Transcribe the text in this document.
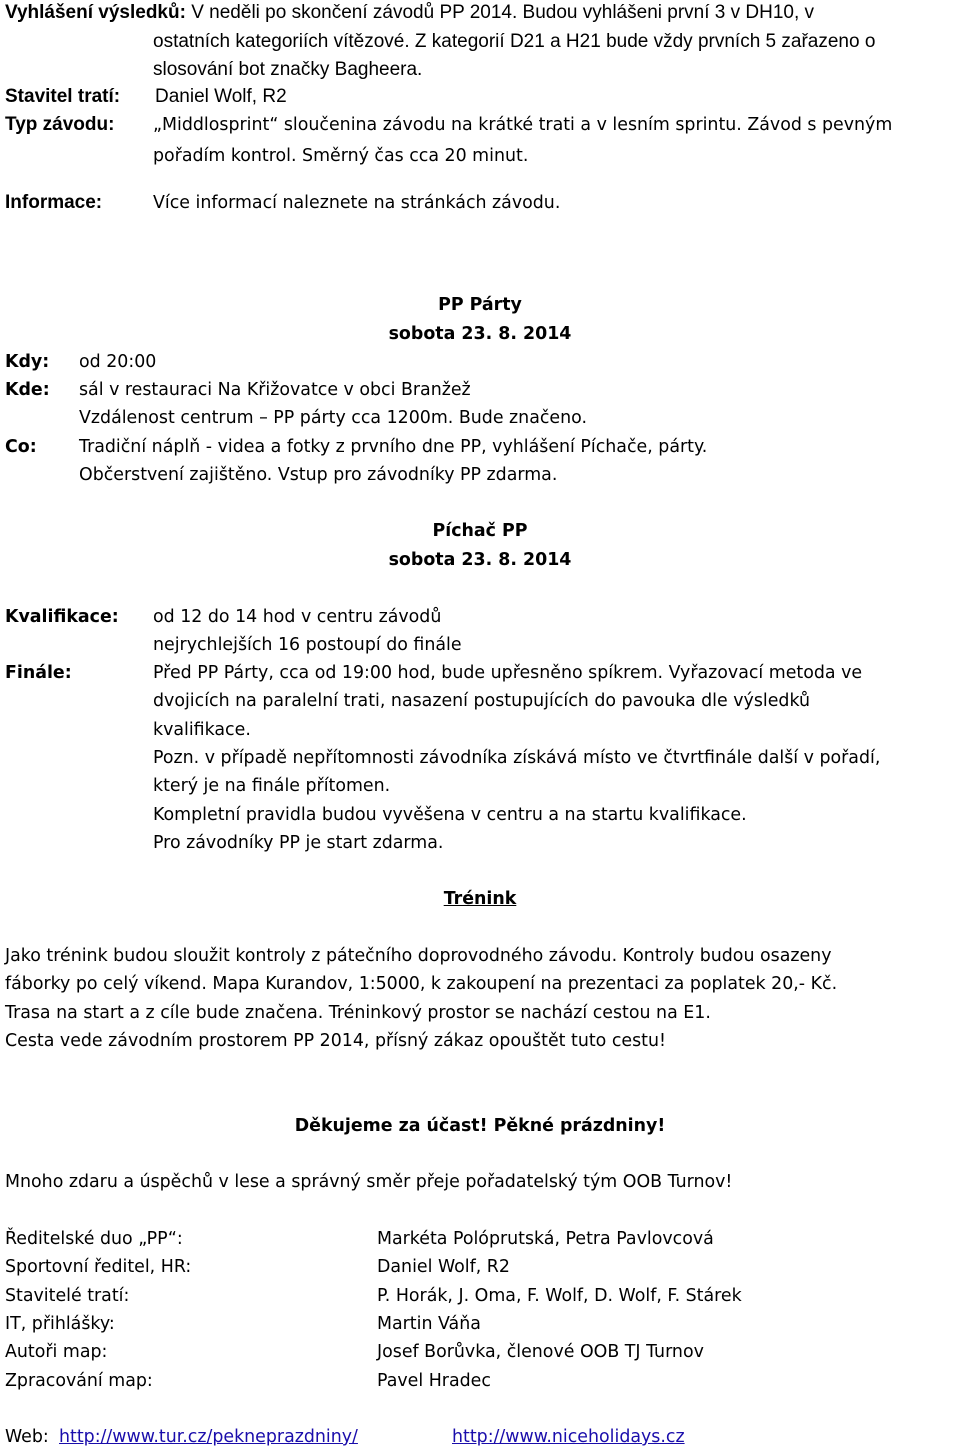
Vyhlášení výsledků: V neděli po skončení závodů PP 2014. Budou vyhlášeni první 3 v DH10, v
ostatních kategoriích vítězové. Z kategorií D21 a H21 bude vždy prvních 5 zařazeno o
slosování bot značky Bagheera.
Stavitel tratí: Daniel Wolf, R2
Typ závodu: „Middlosprint“ sloučenina závodu na krátké trati a v lesním sprintu. Závod s pevným
pořadím kontrol. Směrný čas cca 20 minut.
Informace:	Více informací naleznete na stránkách závodu.
PP Párty
sobota 23. 8. 2014
Kdy: od 20:00
Kde: sál v restauraci Na Křižovatce v obci Branžež
Vzdálenost centrum – PP párty cca 1200m. Bude značeno.
Co: Tradiční náplň - videa a fotky z prvního dne PP, vyhlášení Píchače, párty.
Občerstvení zajištěno. Vstup pro závodníky PP zdarma.
Píchač PP
sobota 23. 8. 2014
Kvalifikace: od 12 do 14 hod v centru závodů
nejrychlejších 16 postoupí do finále
Finále:	Před PP Párty, cca od 19:00 hod, bude upřesněno spíkrem. Vyřazovací metoda ve
dvojicích na paralelní trati, nasazení postupujících do pavouka dle výsledků
kvalifikace.
Pozn. v případě nepřítomnosti závodníka získává místo ve čtvrtfinále další v pořadí,
který je na finále přítomen.
Kompletní pravidla budou vyvěšena v centru a na startu kvalifikace.
Pro závodníky PP je start zdarma.
Trénink
Jako trénink budou sloužit kontroly z pátečního doprovodného závodu. Kontroly budou osazeny
fáborky po celý víkend. Mapa Kurandov, 1:5000, k zakoupení na prezentaci za poplatek 20,- Kč.
Trasa na start a z cíle bude značena. Tréninkový prostor se nachází cestou na E1.
Cesta vede závodním prostorem PP 2014, přísný zákaz opouštět tuto cestu!
Děkujeme za účast! Pěkné prázdniny!
Mnoho zdaru a úspěchů v lese a správný směr přeje pořadatelský tým OOB Turnov!
Ředitelské duo „PP“:	Markéta Polóprutská, Petra Pavlovcová
Sportovní ředitel, HR:	Daniel Wolf, R2
Stavitelé tratí:	P. Horák, J. Oma, F. Wolf, D. Wolf, F. Stárek
IT, přihlášky:	Martin Váňa
Autoři map:	Josef Borůvka, členové OOB TJ Turnov
Zpracování map:	Pavel Hradec
Web: http://www.tur.cz/pekneprazdniny/	http://www.niceholidays.cz
